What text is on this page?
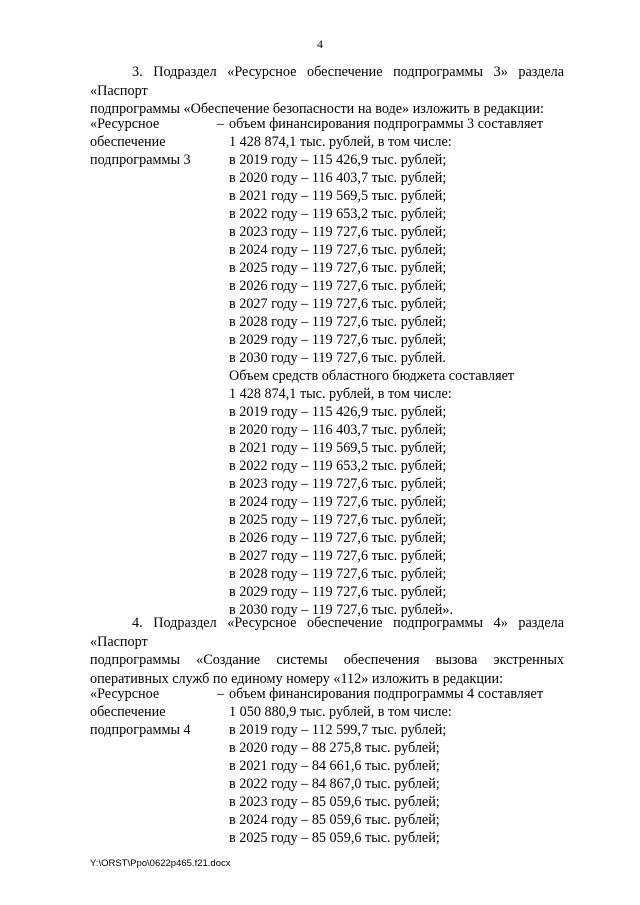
4
3. Подраздел «Ресурсное обеспечение подпрограммы 3» раздела «Паспорт
подпрограммы «Обеспечение безопасности на воде» изложить в редакции:
«Ресурсное
обеспечение
подпрограммы 3
– объем финансирования подпрограммы 3 составляет
1 428 874,1 тыс. рублей, в том числе:
в 2019 году – 115 426,9 тыс. рублей;
в 2020 году – 116 403,7 тыс. рублей;
в 2021 году – 119 569,5 тыс. рублей;
в 2022 году – 119 653,2 тыс. рублей;
в 2023 году – 119 727,6 тыс. рублей;
в 2024 году – 119 727,6 тыс. рублей;
в 2025 году – 119 727,6 тыс. рублей;
в 2026 году – 119 727,6 тыс. рублей;
в 2027 году – 119 727,6 тыс. рублей;
в 2028 году – 119 727,6 тыс. рублей;
в 2029 году – 119 727,6 тыс. рублей;
в 2030 году – 119 727,6 тыс. рублей.
Объем средств областного бюджета составляет
1 428 874,1 тыс. рублей, в том числе:
в 2019 году – 115 426,9 тыс. рублей;
в 2020 году – 116 403,7 тыс. рублей;
в 2021 году – 119 569,5 тыс. рублей;
в 2022 году – 119 653,2 тыс. рублей;
в 2023 году – 119 727,6 тыс. рублей;
в 2024 году – 119 727,6 тыс. рублей;
в 2025 году – 119 727,6 тыс. рублей;
в 2026 году – 119 727,6 тыс. рублей;
в 2027 году – 119 727,6 тыс. рублей;
в 2028 году – 119 727,6 тыс. рублей;
в 2029 году – 119 727,6 тыс. рублей;
в 2030 году – 119 727,6 тыс. рублей».
4. Подраздел «Ресурсное обеспечение подпрограммы 4» раздела «Паспорт
подпрограммы «Создание системы обеспечения вызова экстренных
оперативных служб по единому номеру «112» изложить в редакции:
«Ресурсное
обеспечение
подпрограммы 4
– объем финансирования подпрограммы 4 составляет
1 050 880,9 тыс. рублей, в том числе:
в 2019 году – 112 599,7 тыс. рублей;
в 2020 году – 88 275,8 тыс. рублей;
в 2021 году – 84 661,6 тыс. рублей;
в 2022 году – 84 867,0 тыс. рублей;
в 2023 году – 85 059,6 тыс. рублей;
в 2024 году – 85 059,6 тыс. рублей;
в 2025 году – 85 059,6 тыс. рублей;
Y:\ORST\Ppo\0622p465.f21.docx
